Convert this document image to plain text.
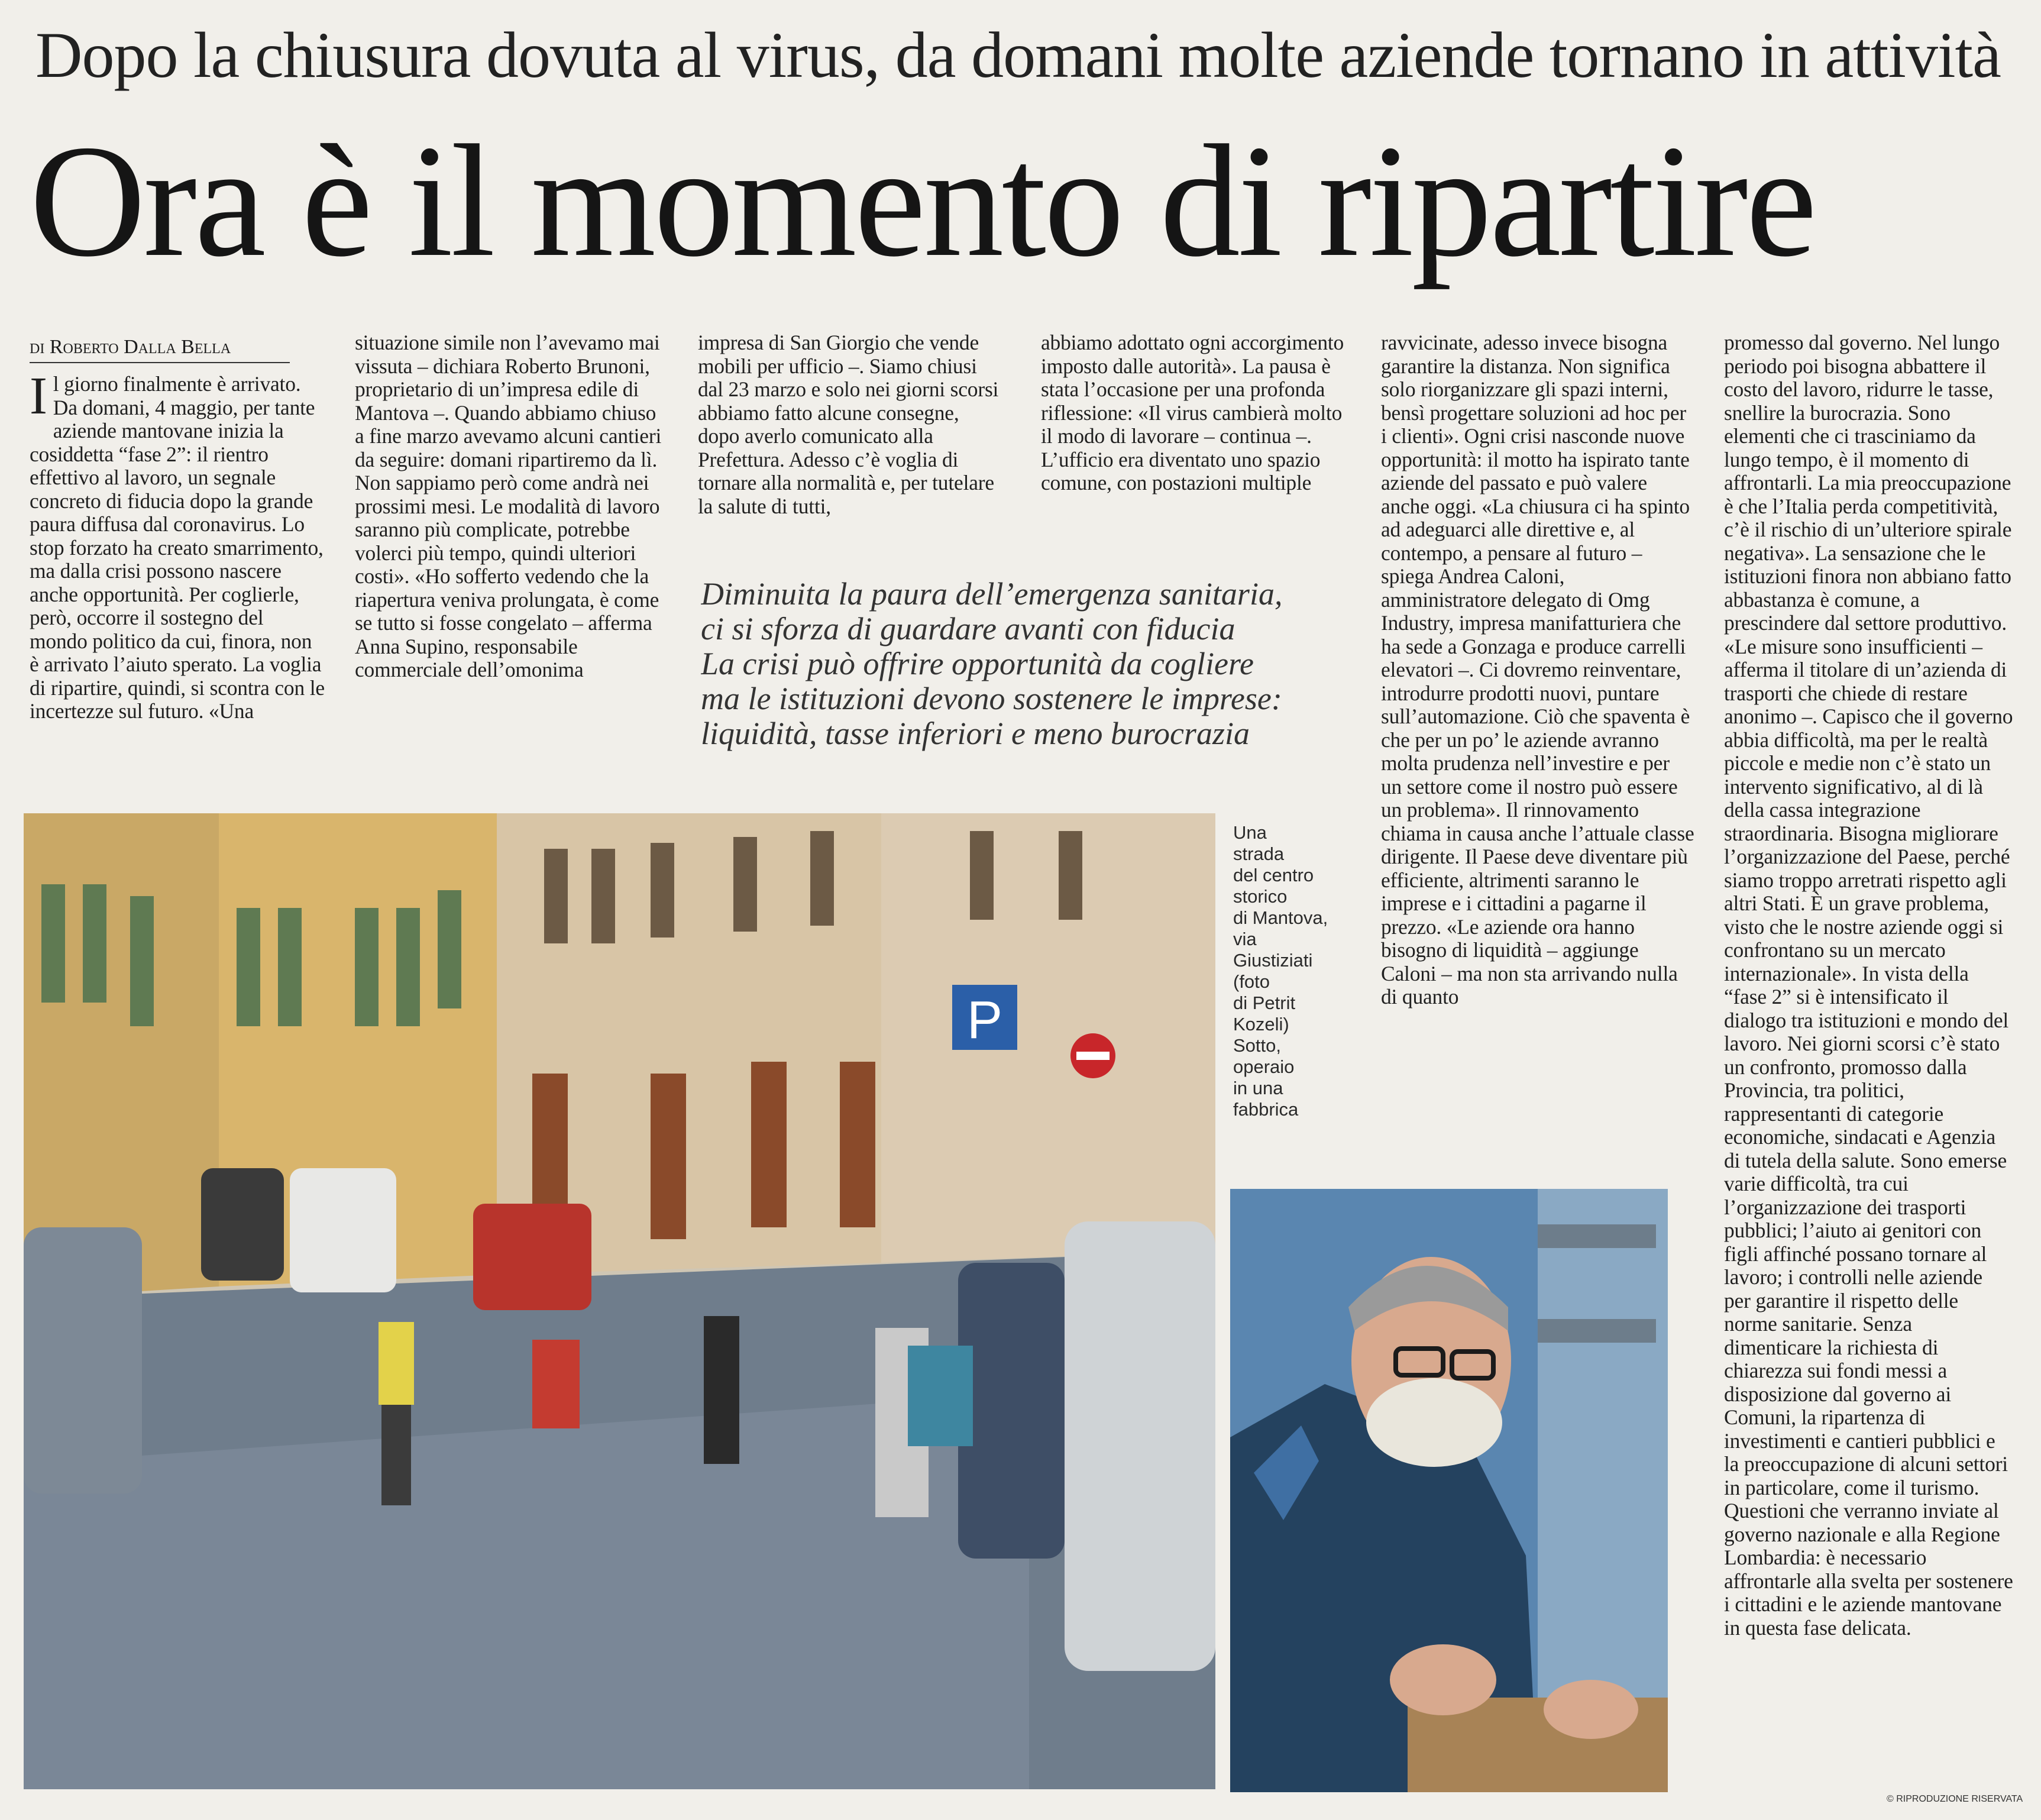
Dopo la chiusura dovuta al virus, da domani molte aziende tornano in attività
Ora è il momento di ripartire
di Roberto Dalla Bella
Il giorno finalmente è arrivato. Da domani, 4 maggio, per tante aziende mantovane inizia la cosiddetta “fase 2”: il rientro effettivo al lavoro, un segnale concreto di fiducia dopo la grande paura diffusa dal coronavirus. Lo stop forzato ha creato smarrimento, ma dalla crisi possono nascere anche opportunità. Per coglierle, però, occorre il sostegno del mondo politico da cui, finora, non è arrivato l’aiuto sperato. La voglia di ripartire, quindi, si scontra con le incertezze sul futuro. «Una
situazione simile non l’avevamo mai vissuta – dichiara Roberto Brunoni, proprietario di un’impresa edile di Mantova –. Quando abbiamo chiuso a fine marzo avevamo alcuni cantieri da seguire: domani ripartiremo da lì. Non sappiamo però come andrà nei prossimi mesi. Le modalità di lavoro saranno più complicate, potrebbe volerci più tempo, quindi ulteriori costi». «Ho sofferto vedendo che la riapertura veniva prolungata, è come se tutto si fosse congelato – afferma Anna Supino, responsabile commerciale dell’omonima
impresa di San Giorgio che vende mobili per ufficio –. Siamo chiusi dal 23 marzo e solo nei giorni scorsi abbiamo fatto alcune consegne, dopo averlo comunicato alla Prefettura. Adesso c’è voglia di tornare alla normalità e, per tutelare la salute di tutti,
abbiamo adottato ogni accorgimento imposto dalle autorità». La pausa è stata l’occasione per una profonda riflessione: «Il virus cambierà molto il modo di lavorare – continua –. L’ufficio era diventato uno spazio comune, con postazioni multiple
ravvicinate, adesso invece bisogna garantire la distanza. Non significa solo riorganizzare gli spazi interni, bensì progettare soluzioni ad hoc per i clienti». Ogni crisi nasconde nuove opportunità: il motto ha ispirato tante aziende del passato e può valere anche oggi. «La chiusura ci ha spinto ad adeguarci alle direttive e, al contempo, a pensare al futuro – spiega Andrea Caloni, amministratore delegato di Omg Industry, impresa manifatturiera che ha sede a Gonzaga e produce carrelli elevatori –. Ci dovremo reinventare, introdurre prodotti nuovi, puntare sull’automazione. Ciò che spaventa è che per un po’ le aziende avranno molta prudenza nell’investire e per un settore come il nostro può essere un problema». Il rinnovamento chiama in causa anche l’attuale classe dirigente. Il Paese deve diventare più efficiente, altrimenti saranno le imprese e i cittadini a pagarne il prezzo. «Le aziende ora hanno bisogno di liquidità – aggiunge Caloni – ma non sta arrivando nulla di quanto
promesso dal governo. Nel lungo periodo poi bisogna abbattere il costo del lavoro, ridurre le tasse, snellire la burocrazia. Sono elementi che ci trasciniamo da lungo tempo, è il momento di affrontarli. La mia preoccupazione è che l’Italia perda competitività, c’è il rischio di un’ulteriore spirale negativa». La sensazione che le istituzioni finora non abbiano fatto abbastanza è comune, a prescindere dal settore produttivo. «Le misure sono insufficienti – afferma il titolare di un’azienda di trasporti che chiede di restare anonimo –. Capisco che il governo abbia difficoltà, ma per le realtà piccole e medie non c’è stato un intervento significativo, al di là della cassa integrazione straordinaria. Bisogna migliorare l’organizzazione del Paese, perché siamo troppo arretrati rispetto agli altri Stati. È un grave problema, visto che le nostre aziende oggi si confrontano su un mercato internazionale». In vista della “fase 2” si è intensificato il dialogo tra istituzioni e mondo del lavoro. Nei giorni scorsi c’è stato un confronto, promosso dalla Provincia, tra politici, rappresentanti di categorie economiche, sindacati e Agenzia di tutela della salute. Sono emerse varie difficoltà, tra cui l’organizzazione dei trasporti pubblici; l’aiuto ai genitori con figli affinché possano tornare al lavoro; i controlli nelle aziende per garantire il rispetto delle norme sanitarie. Senza dimenticare la richiesta di chiarezza sui fondi messi a disposizione dal governo ai Comuni, la ripartenza di investimenti e cantieri pubblici e la preoccupazione di alcuni settori in particolare, come il turismo. Questioni che verranno inviate al governo nazionale e alla Regione Lombardia: è necessario affrontarle alla svelta per sostenere i cittadini e le aziende mantovane in questa fase delicata.
Diminuita la paura dell’emergenza sanitaria,
ci si sforza di guardare avanti con fiducia
La crisi può offrire opportunità da cogliere
ma le istituzioni devono sostenere le imprese:
liquidità, tasse inferiori e meno burocrazia
P
Una
strada
del centro
storico
di Mantova,
via
Giustiziati
(foto
di Petrit
Kozeli)
Sotto,
operaio
in una
fabbrica
© RIPRODUZIONE RISERVATA
